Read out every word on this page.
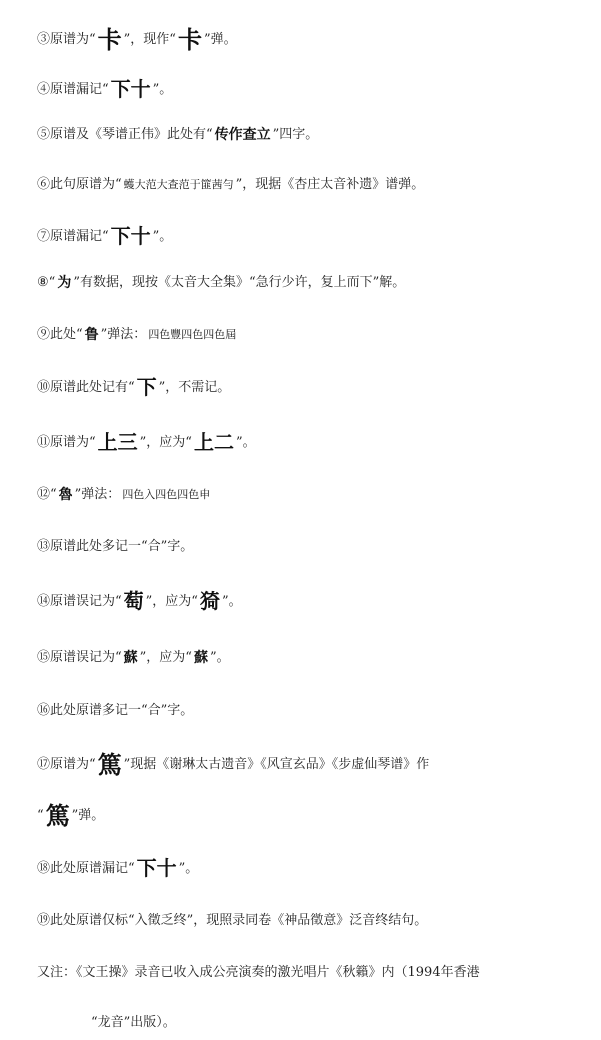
③原谱为“卡 ”，现作“卡 ”弹。
④原谱漏记“ 下十 ”。
⑤原谱及《琴谱正伟》此处有“ 传作查立 ”四字。
⑥此句原谱为“ 蠖大范大查范于篚茜勻 ”，现据《杏庄太音补遗》谱弹。
⑦原谱漏记“ 下十 ”。
⑧“ 为 ”有数据，现按《太音大全集》“急行少许，复上而下”解。
⑨此处“ 鲁 ”弹法： 四色豐四色四色屆
⑩原谱此处记有“ 下 ”，不需记。
⑪原谱为“ 上三 ”，应为“ 上二 ”。
⑫“ 魯 ”弹法： 四色入四色四色申
⑬原谱此处多记一“合”字。
⑭原谱误记为“ 萄 ”，应为“ 猗 ”。
⑮原谱误记为“ 蘇 ”，应为“ 蘇 ”。
⑯此处原谱多记一“合”字。
⑰原谱为“篤 ”现据《谢琳太古遗音》《风宣玄品》《步虚仙琴谱》作
“篤 ”弹。
⑱此处原谱漏记“ 下十 ”。
⑲此处原谱仅标“入徵乏终”，现照录同卷《神品徵意》泛音终结句。
又注：《文王操》录音已收入成公亮演奏的激光唱片《秋籟》内（1994年香港
“龙音”出版）。
